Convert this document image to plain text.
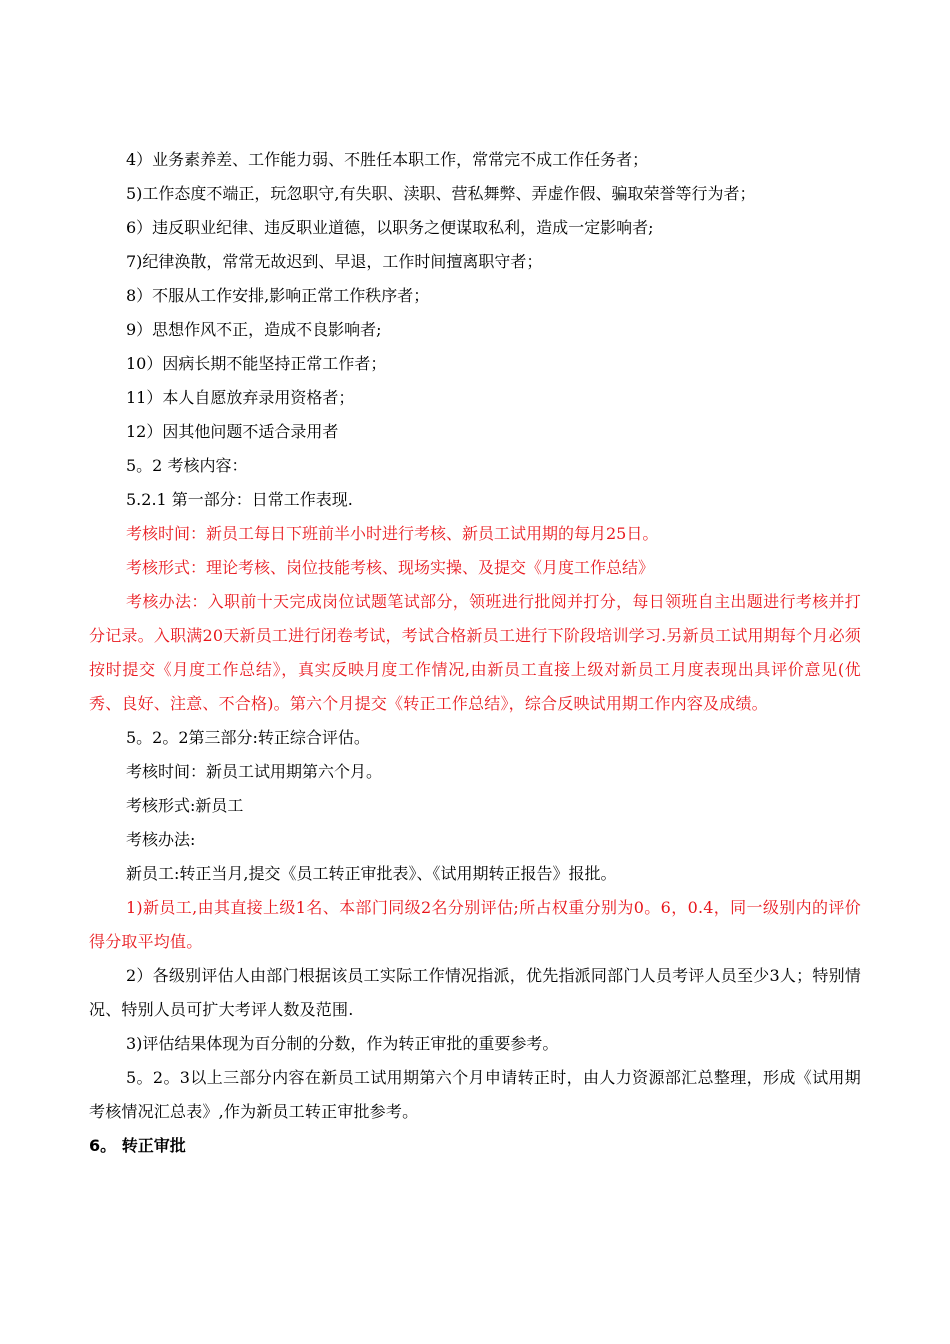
4）业务素养差、工作能力弱、不胜任本职工作，常常完不成工作任务者；

5)工作态度不端正，玩忽职守,有失职、渎职、营私舞弊、弄虚作假、骗取荣誉等行为者；

6）违反职业纪律、违反职业道德，以职务之便谋取私利，造成一定影响者;

7)纪律涣散，常常无故迟到、早退，工作时间擅离职守者；

8）不服从工作安排,影响正常工作秩序者；

9）思想作风不正，造成不良影响者;

10）因病长期不能坚持正常工作者；

11）本人自愿放弃录用资格者；

12）因其他问题不适合录用者

5。2 考核内容：

5.2.1 第一部分：日常工作表现.

考核时间：新员工每日下班前半小时进行考核、新员工试用期的每月25日。

考核形式：理论考核、岗位技能考核、现场实操、及提交《月度工作总结》

考核办法：入职前十天完成岗位试题笔试部分，领班进行批阅并打分，每日领班自主出题进行考核并打分记录。入职满20天新员工进行闭卷考试，考试合格新员工进行下阶段培训学习.另新员工试用期每个月必须按时提交《月度工作总结》，真实反映月度工作情况,由新员工直接上级对新员工月度表现出具评价意见(优秀、良好、注意、不合格)。第六个月提交《转正工作总结》，综合反映试用期工作内容及成绩。

5。2。2第三部分:转正综合评估。

考核时间：新员工试用期第六个月。

考核形式:新员工

考核办法:

新员工:转正当月,提交《员工转正审批表》、《试用期转正报告》报批。

1)新员工,由其直接上级1名、本部门同级2名分别评估;所占权重分别为0。6，0.4，同一级别内的评价得分取平均值。

2）各级别评估人由部门根据该员工实际工作情况指派，优先指派同部门人员考评人员至少3人；特别情况、特别人员可扩大考评人数及范围.

3)评估结果体现为百分制的分数，作为转正审批的重要参考。

5。2。3以上三部分内容在新员工试用期第六个月申请转正时，由人力资源部汇总整理，形成《试用期考核情况汇总表》,作为新员工转正审批参考。

6。 转正审批
